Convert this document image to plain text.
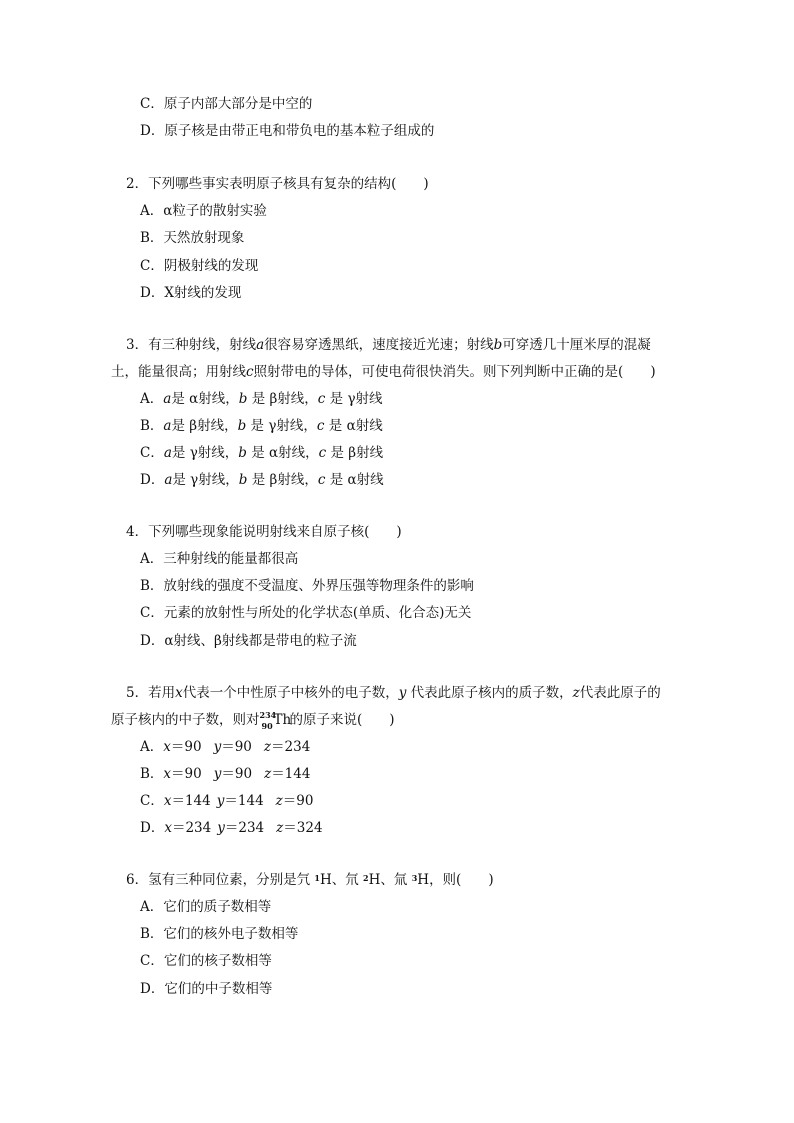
C．原子内部大部分是中空的
D．原子核是由带正电和带负电的基本粒子组成的
2．下列哪些事实表明原子核具有复杂的结构(　　)
A．α粒子的散射实验
B．天然放射现象
C．阴极射线的发现
D．X射线的发现
3．有三种射线，射线a很容易穿透黑纸，速度接近光速；射线b可穿透几十厘米厚的混凝
土，能量很高；用射线c照射带电的导体，可使电荷很快消失。则下列判断中正确的是(　　)
A．a是 α射线，b 是 β射线，c 是 γ射线
B．a是 β射线，b 是 γ射线，c 是 α射线
C．a是 γ射线，b 是 α射线，c 是 β射线
D．a是 γ射线，b 是 β射线，c 是 α射线
4．下列哪些现象能说明射线来自原子核(　　)
A．三种射线的能量都很高
B．放射线的强度不受温度、外界压强等物理条件的影响
C．元素的放射性与所处的化学状态(单质、化合态)无关
D．α射线、β射线都是带电的粒子流
5．若用x代表一个中性原子中核外的电子数，y 代表此原子核内的质子数，z代表此原子的
原子核内的中子数，则对 234
90 Th的原子来说(　　)
A．x＝90 y＝90 z＝234
B．x＝90 y＝90 z＝144
C．x＝144 y＝144 z＝90
D．x＝234 y＝234 z＝324
6．氢有三种同位素，分别是氕 $^1$H、氘 $^2$H、氚 $^3$H，则(　　)
A．它们的质子数相等
B．它们的核外电子数相等
C．它们的核子数相等
D．它们的中子数相等
